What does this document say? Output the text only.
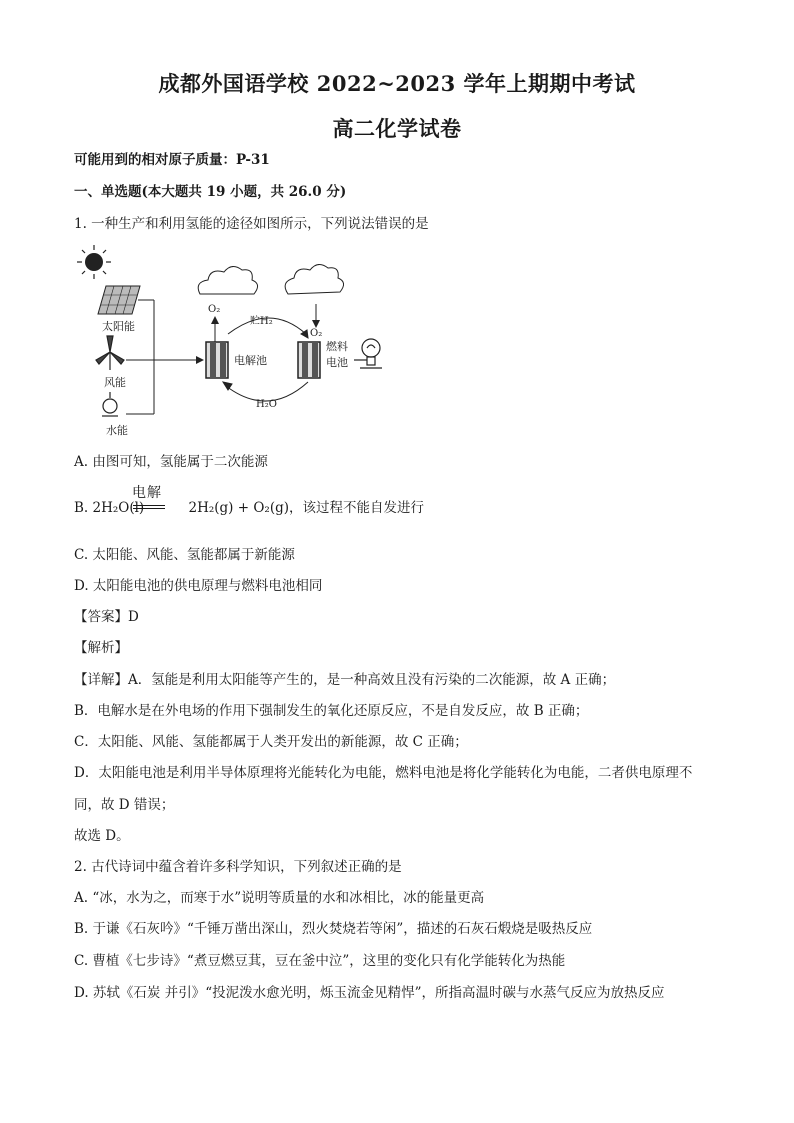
成都外国语学校 2022~2023 学年上期期中考试
高二化学试卷
可能用到的相对原子质量：P-31
一、单选题(本大题共 19 小题，共 26.0 分)
1. 一种生产和利用氢能的途径如图所示，下列说法错误的是
太阳能
风能
水能
O₂
电解池
贮H₂
O₂
燃料
电池
H₂O
A. 由图可知，氢能属于二次能源
电解
B. 2H₂O(l)	2H₂(g) + O₂(g)，该过程不能自发进行
C. 太阳能、风能、氢能都属于新能源
D. 太阳能电池的供电原理与燃料电池相同
【答案】D
【解析】
【详解】A．氢能是利用太阳能等产生的，是一种高效且没有污染的二次能源，故 A 正确；
B．电解水是在外电场的作用下强制发生的氧化还原反应，不是自发反应，故 B 正确；
C．太阳能、风能、氢能都属于人类开发出的新能源，故 C 正确；
D．太阳能电池是利用半导体原理将光能转化为电能，燃料电池是将化学能转化为电能，二者供电原理不
同，故 D 错误；
故选 D。
2. 古代诗词中蕴含着许多科学知识，下列叙述正确的是
A. “冰，水为之，而寒于水”说明等质量的水和冰相比，冰的能量更高
B. 于谦《石灰吟》“千锤万凿出深山，烈火焚烧若等闲”，描述的石灰石煅烧是吸热反应
C. 曹植《七步诗》“煮豆燃豆萁，豆在釜中泣”，这里的变化只有化学能转化为热能
D. 苏轼《石炭 并引》“投泥泼水愈光明，烁玉流金见精悍”，所指高温时碳与水蒸气反应为放热反应
